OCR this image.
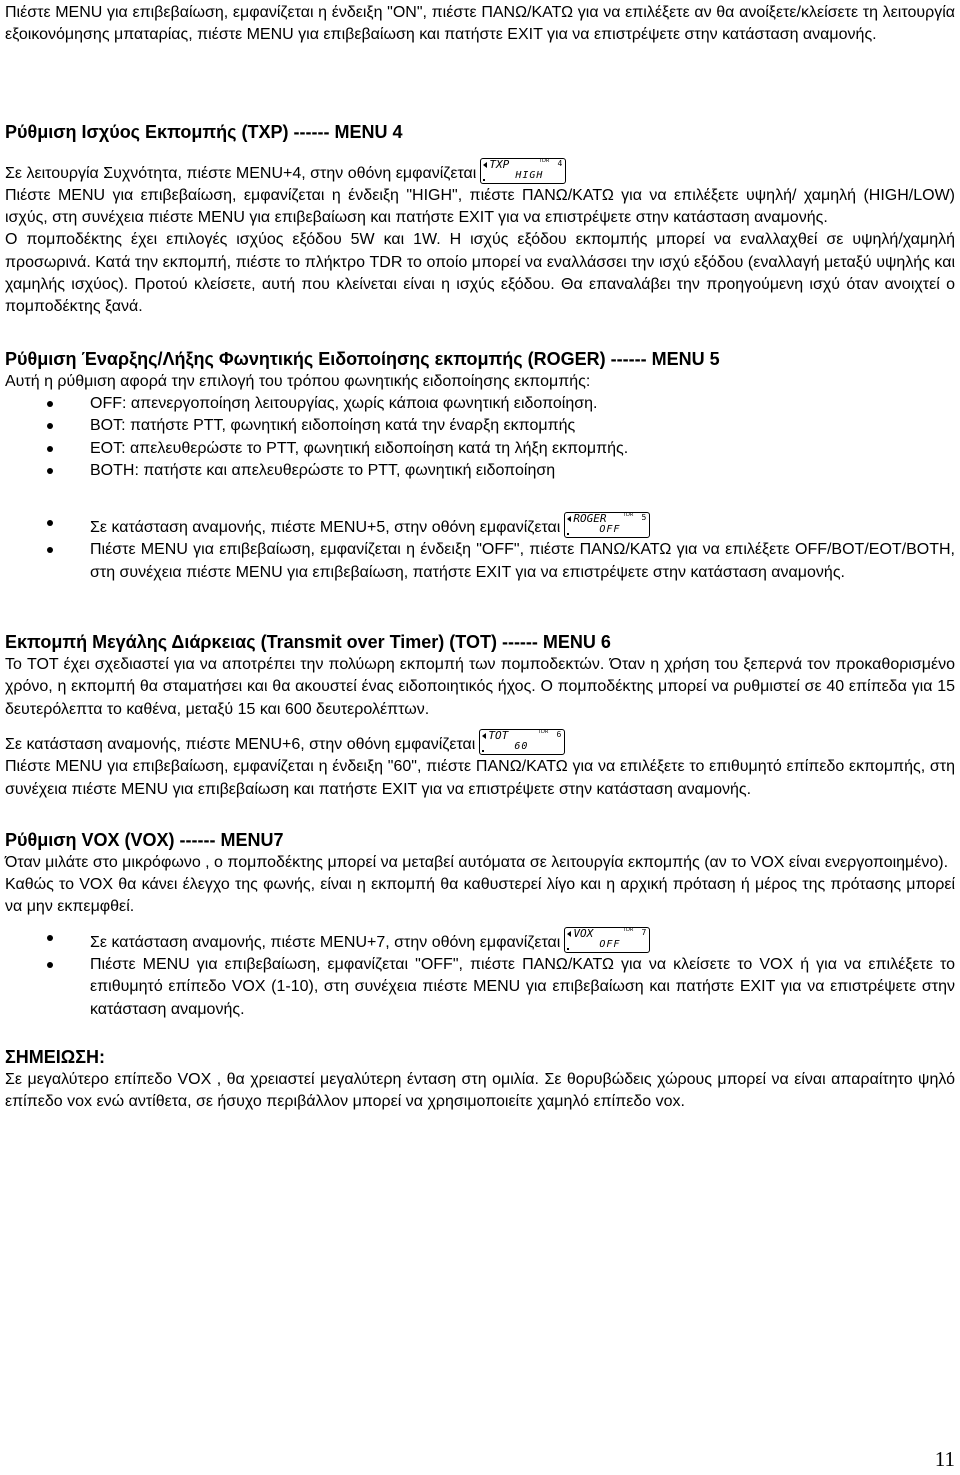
Πιέστε MENU για επιβεβαίωση, εμφανίζεται η ένδειξη "ON", πιέστε ΠΑΝΩ/ΚΑΤΩ για να επιλέξετε αν θα ανοίξετε/κλείσετε τη λειτουργία εξοικονόμησης μπαταρίας, πιέστε MENU για επιβεβαίωση και πατήστε EXIT για να επιστρέψετε στην κατάσταση αναμονής.

Ρύθμιση Ισχύος Εκπομπής (TXP) ------ MENU 4

Σε λειτουργία Συχνότητα, πιέστε MENU+4, στην οθόνη εμφανίζεται
TXP	TDR 4
HIGH

Πιέστε MENU για επιβεβαίωση, εμφανίζεται η ένδειξη "HIGH", πιέστε ΠΑΝΩ/ΚΑΤΩ για να επιλέξετε υψηλή/ χαμηλή (HIGH/LOW) ισχύς, στη συνέχεια πιέστε MENU για επιβεβαίωση και πατήστε EXIT για να επιστρέψετε στην κατάσταση αναμονής.

Ο πομποδέκτης έχει επιλογές ισχύος εξόδου 5W και 1W. Η ισχύς εξόδου εκπομπής μπορεί να εναλλαχθεί σε υψηλή/χαμηλή προσωρινά. Κατά την εκπομπή, πιέστε το πλήκτρο TDR το οποίο μπορεί να εναλλάσσει την ισχύ εξόδου (εναλλαγή μεταξύ υψηλής και χαμηλής ισχύος). Προτού κλείσετε, αυτή που κλείνεται είναι η ισχύς εξόδου. Θα επαναλάβει την προηγούμενη ισχύ όταν ανοιχτεί ο πομποδέκτης ξανά.

Ρύθμιση Έναρξης/Λήξης Φωνητικής Ειδοποίησης εκπομπής (ROGER) ------ MENU 5

Αυτή η ρύθμιση αφορά την επιλογή του τρόπου φωνητικής ειδοποίησης εκπομπής:

OFF: απενεργοποίηση λειτουργίας, χωρίς κάποια φωνητική ειδοποίηση.
BOT: πατήστε PTT, φωνητική ειδοποίηση κατά την έναρξη εκπομπής
EOT: απελευθερώστε το PTT, φωνητική ειδοποίηση κατά τη λήξη εκπομπής.
BOTH: πατήστε και απελευθερώστε το PTT, φωνητική ειδοποίηση
Σε κατάσταση αναμονής, πιέστε MENU+5, στην οθόνη εμφανίζεται
ROGER	TDR 5
OFF
Πιέστε MENU για επιβεβαίωση, εμφανίζεται η ένδειξη "OFF", πιέστε ΠΑΝΩ/ΚΑΤΩ για να επιλέξετε OFF/BOT/EOT/BOTH, στη συνέχεια πιέστε MENU για επιβεβαίωση, πατήστε EXIT για να επιστρέψετε στην κατάσταση αναμονής.
Εκπομπή Μεγάλης Διάρκειας (Transmit over Timer) (TOT) ------ MENU 6

Το TOT έχει σχεδιαστεί για να αποτρέπει την πολύωρη εκπομπή των πομποδεκτών. Όταν η χρήση του ξεπερνά τον προκαθορισμένο χρόνο, η εκπομπή θα σταματήσει και θα ακουστεί ένας ειδοποιητικός ήχος. Ο πομποδέκτης μπορεί να ρυθμιστεί σε 40 επίπεδα για 15 δευτερόλεπτα το καθένα, μεταξύ 15 και 600 δευτερολέπτων.

Σε κατάσταση αναμονής, πιέστε MENU+6, στην οθόνη εμφανίζεται
TOT	TDR 6
60

Πιέστε MENU για επιβεβαίωση, εμφανίζεται η ένδειξη "60", πιέστε ΠΑΝΩ/ΚΑΤΩ για να επιλέξετε το επιθυμητό επίπεδο εκπομπής, στη συνέχεια πιέστε MENU για επιβεβαίωση και πατήστε EXIT για να επιστρέψετε στην κατάσταση αναμονής.

Ρύθμιση VOX (VOX) ------ MENU7

Όταν μιλάτε στο μικρόφωνο , ο πομποδέκτης μπορεί να μεταβεί αυτόματα σε λειτουργία εκπομπής (αν το VOX είναι ενεργοποιημένο).

Καθώς το VOX θα κάνει έλεγχο της φωνής, είναι η εκπομπή θα καθυστερεί λίγο και η αρχική πρόταση ή μέρος της πρότασης μπορεί να μην εκπεμφθεί.

Σε κατάσταση αναμονής, πιέστε MENU+7, στην οθόνη εμφανίζεται
VOX	TDR 7
OFF
Πιέστε MENU για επιβεβαίωση, εμφανίζεται "OFF", πιέστε ΠΑΝΩ/ΚΑΤΩ για να κλείσετε το VOX ή για να επιλέξετε το επιθυμητό επίπεδο VOX (1-10), στη συνέχεια πιέστε MENU για επιβεβαίωση και πατήστε EXIT για να επιστρέψετε στην κατάσταση αναμονής.
ΣΗΜΕΙΩΣΗ:

Σε μεγαλύτερο επίπεδο VOX , θα χρειαστεί μεγαλύτερη ένταση στη ομιλία. Σε θορυβώδεις χώρους μπορεί να είναι απαραίτητο ψηλό επίπεδο vox ενώ αντίθετα, σε ήσυχο περιβάλλον μπορεί να χρησιμοποιείτε χαμηλό επίπεδο vox.

11
